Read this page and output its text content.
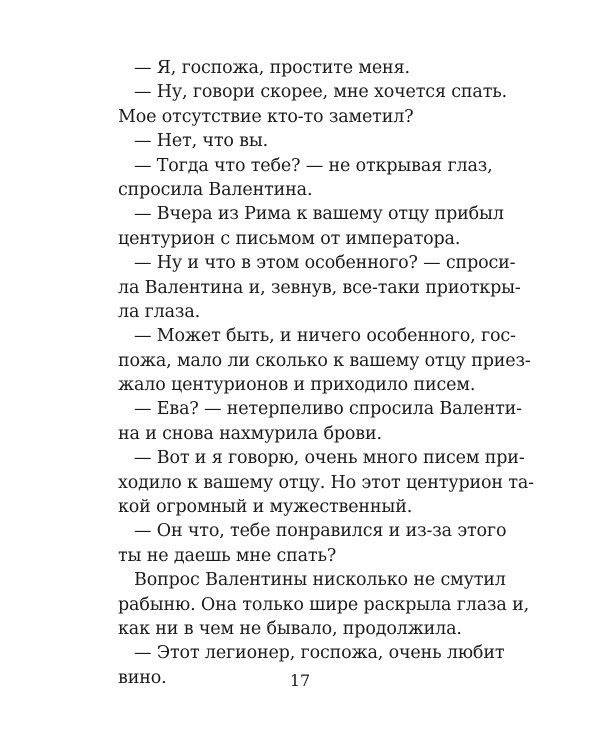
— Я, госпожа, простите меня.
— Ну, говори скорее, мне хочется спать.
Мое отсутствие кто-то заметил?
— Нет, что вы.
— Тогда что тебе? — не открывая глаз,
спросила Валентина.
— Вчера из Рима к вашему отцу прибыл
центурион с письмом от императора.
— Ну и что в этом особенного? — спроси-
ла Валентина и, зевнув, все-таки приоткры-
ла глаза.
— Может быть, и ничего особенного, гос-
пожа, мало ли сколько к вашему отцу приез-
жало центурионов и приходило писем.
— Ева? — нетерпеливо спросила Валенти-
на и снова нахмурила брови.
— Вот и я говорю, очень много писем при-
ходило к вашему отцу. Но этот центурион та-
кой огромный и мужественный.
— Он что, тебе понравился и из-за этого
ты не даешь мне спать?
Вопрос Валентины нисколько не смутил
рабыню. Она только шире раскрыла глаза и,
как ни в чем не бывало, продолжила.
— Этот легионер, госпожа, очень любит
вино.	17
